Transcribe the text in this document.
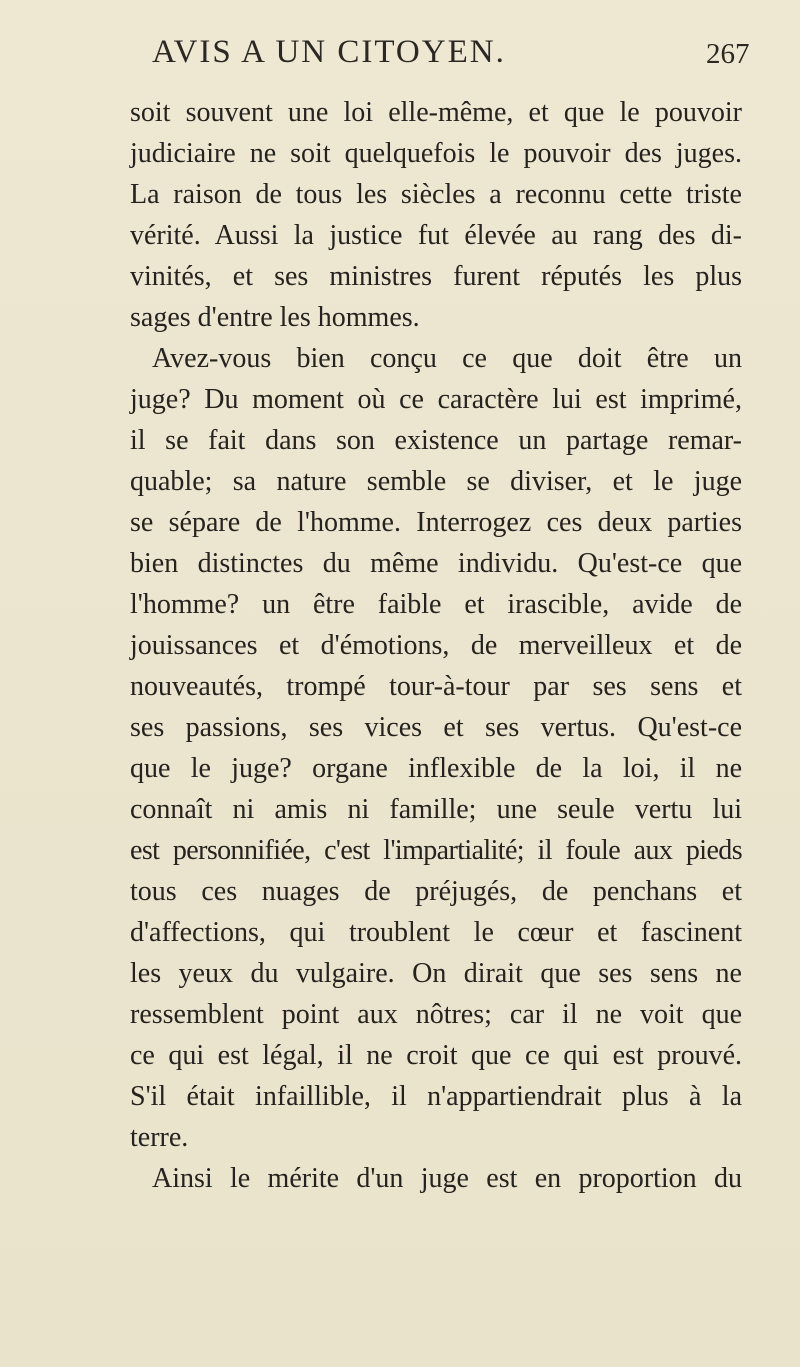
AVIS A UN CITOYEN.	267
soit souvent une loi elle-même, et que le pouvoir
judiciaire ne soit quelquefois le pouvoir des juges.
La raison de tous les siècles a reconnu cette triste
vérité. Aussi la justice fut élevée au rang des di-
vinités, et ses ministres furent réputés les plus
sages d'entre les hommes.
Avez-vous bien conçu ce que doit être un
juge? Du moment où ce caractère lui est imprimé,
il se fait dans son existence un partage remar-
quable; sa nature semble se diviser, et le juge
se sépare de l'homme. Interrogez ces deux parties
bien distinctes du même individu. Qu'est-ce que
l'homme? un être faible et irascible, avide de
jouissances et d'émotions, de merveilleux et de
nouveautés, trompé tour-à-tour par ses sens et
ses passions, ses vices et ses vertus. Qu'est-ce
que le juge? organe inflexible de la loi, il ne
connaît ni amis ni famille; une seule vertu lui
est personnifiée, c'est l'impartialité; il foule aux pieds
tous ces nuages de préjugés, de penchans et
d'affections, qui troublent le cœur et fascinent
les yeux du vulgaire. On dirait que ses sens ne
ressemblent point aux nôtres; car il ne voit que
ce qui est légal, il ne croit que ce qui est prouvé.
S'il était infaillible, il n'appartiendrait plus à la
terre.
Ainsi le mérite d'un juge est en proportion du
